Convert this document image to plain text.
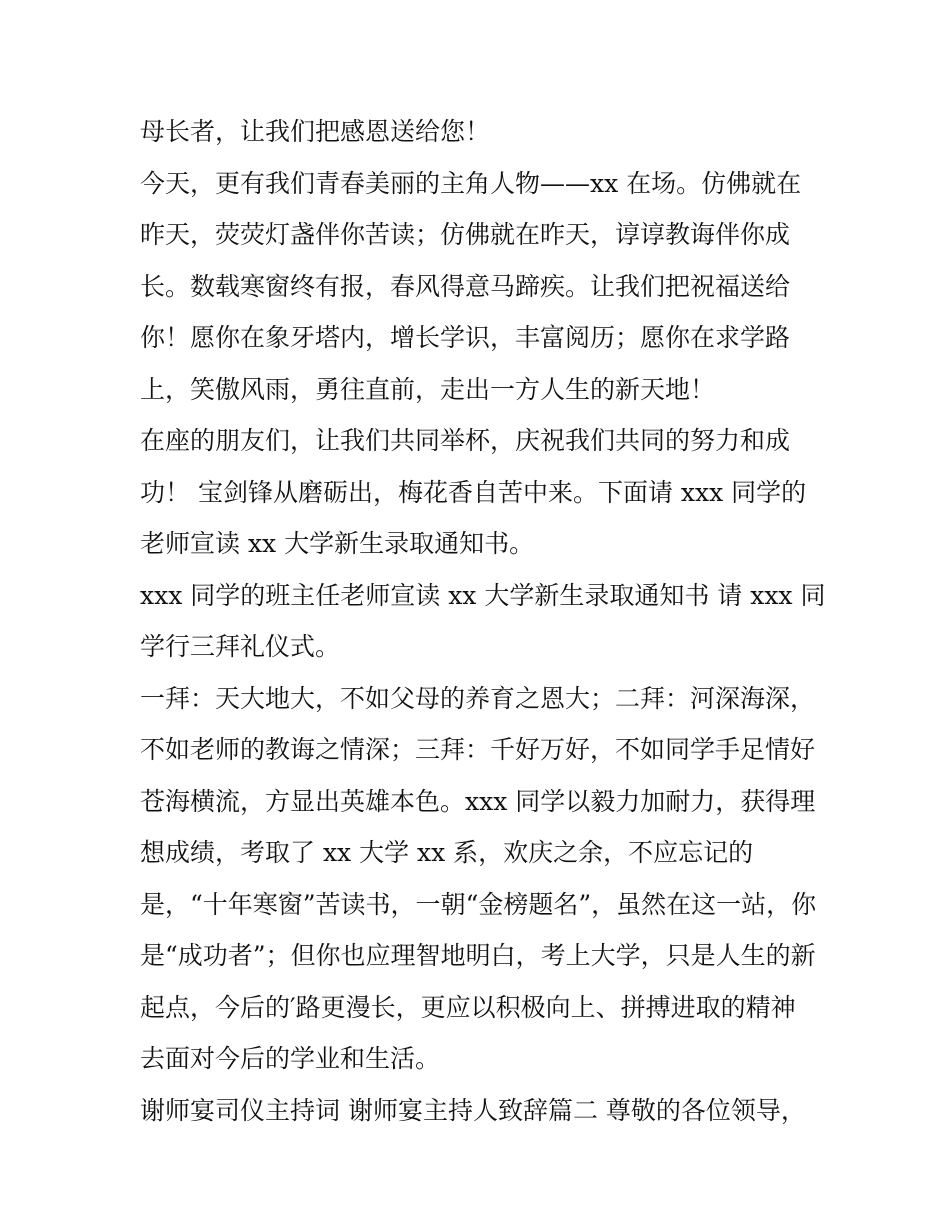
母长者，让我们把感恩送给您！
今天，更有我们青春美丽的主角人物——xx 在场。仿佛就在
昨天，荧荧灯盏伴你苦读；仿佛就在昨天，谆谆教诲伴你成
长。数载寒窗终有报，春风得意马蹄疾。让我们把祝福送给
你！愿你在象牙塔内，增长学识，丰富阅历；愿你在求学路
上，笑傲风雨，勇往直前，走出一方人生的新天地！
在座的朋友们，让我们共同举杯，庆祝我们共同的努力和成
功！ 宝剑锋从磨砺出，梅花香自苦中来。下面请 xxx 同学的
老师宣读 xx 大学新生录取通知书。
xxx 同学的班主任老师宣读 xx 大学新生录取通知书 请 xxx 同
学行三拜礼仪式。
一拜：天大地大，不如父母的养育之恩大；二拜：河深海深，
不如老师的教诲之情深；三拜：千好万好，不如同学手足情好
苍海横流，方显出英雄本色。xxx 同学以毅力加耐力，获得理
想成绩，考取了 xx 大学 xx 系，欢庆之余，不应忘记的
是，“十年寒窗”苦读书，一朝“金榜题名”，虽然在这一站，你
是“成功者”；但你也应理智地明白，考上大学，只是人生的新
起点，今后的′路更漫长，更应以积极向上、拼搏进取的精神
去面对今后的学业和生活。
谢师宴司仪主持词 谢师宴主持人致辞篇二 尊敬的各位领导，
